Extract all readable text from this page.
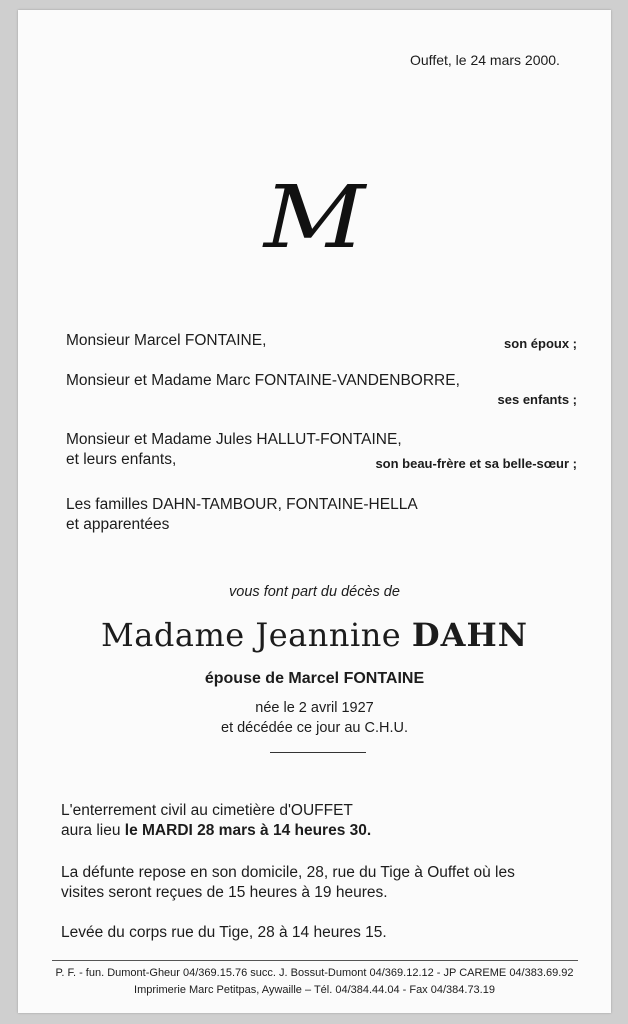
Ouffet, le 24 mars 2000.
M
Monsieur Marcel FONTAINE,	son époux ;
Monsieur et Madame Marc FONTAINE-VANDENBORRE,
ses enfants ;
Monsieur et Madame Jules HALLUT-FONTAINE,
et leurs enfants,	son beau-frère et sa belle-sœur ;
Les familles DAHN-TAMBOUR, FONTAINE-HELLA
et apparentées
vous font part du décès de
Madame Jeannine DAHN
épouse de Marcel FONTAINE
née le 2 avril 1927
et décédée ce jour au C.H.U.
L'enterrement civil au cimetière d'OUFFET
aura lieu le MARDI 28 mars à 14 heures 30.
La défunte repose en son domicile, 28, rue du Tige à Ouffet où les
visites seront reçues de 15 heures à 19 heures.
Levée du corps rue du Tige, 28 à 14 heures 15.
P. F. - fun. Dumont-Gheur 04/369.15.76 succ. J. Bossut-Dumont 04/369.12.12 - JP CAREME 04/383.69.92
Imprimerie Marc Petitpas, Aywaille – Tél. 04/384.44.04 - Fax 04/384.73.19
